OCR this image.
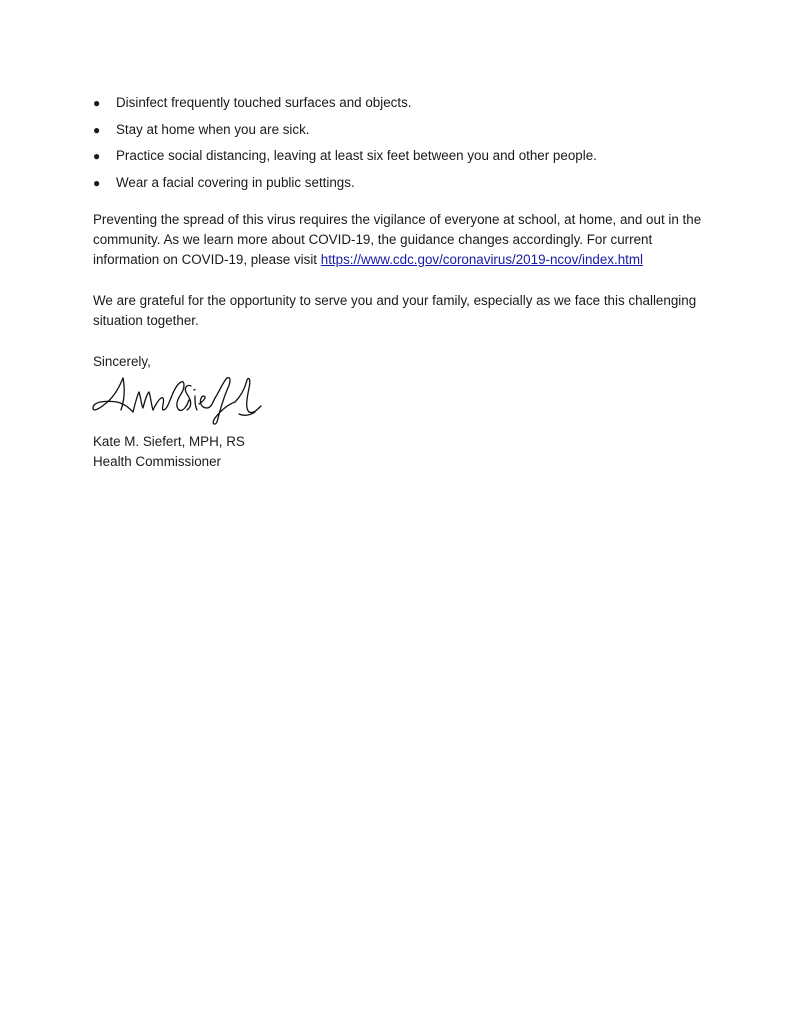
● Disinfect frequently touched surfaces and objects.
● Stay at home when you are sick.
● Practice social distancing, leaving at least six feet between you and other people.
● Wear a facial covering in public settings.

Preventing the spread of this virus requires the vigilance of everyone at school, at home, and out in the community. As we learn more about COVID-19, the guidance changes accordingly. For current information on COVID-19, please visit https://www.cdc.gov/coronavirus/2019-ncov/index.html

We are grateful for the opportunity to serve you and your family, especially as we face this challenging situation together.

Sincerely,

Kate M. Siefert, MPH, RS
Health Commissioner
